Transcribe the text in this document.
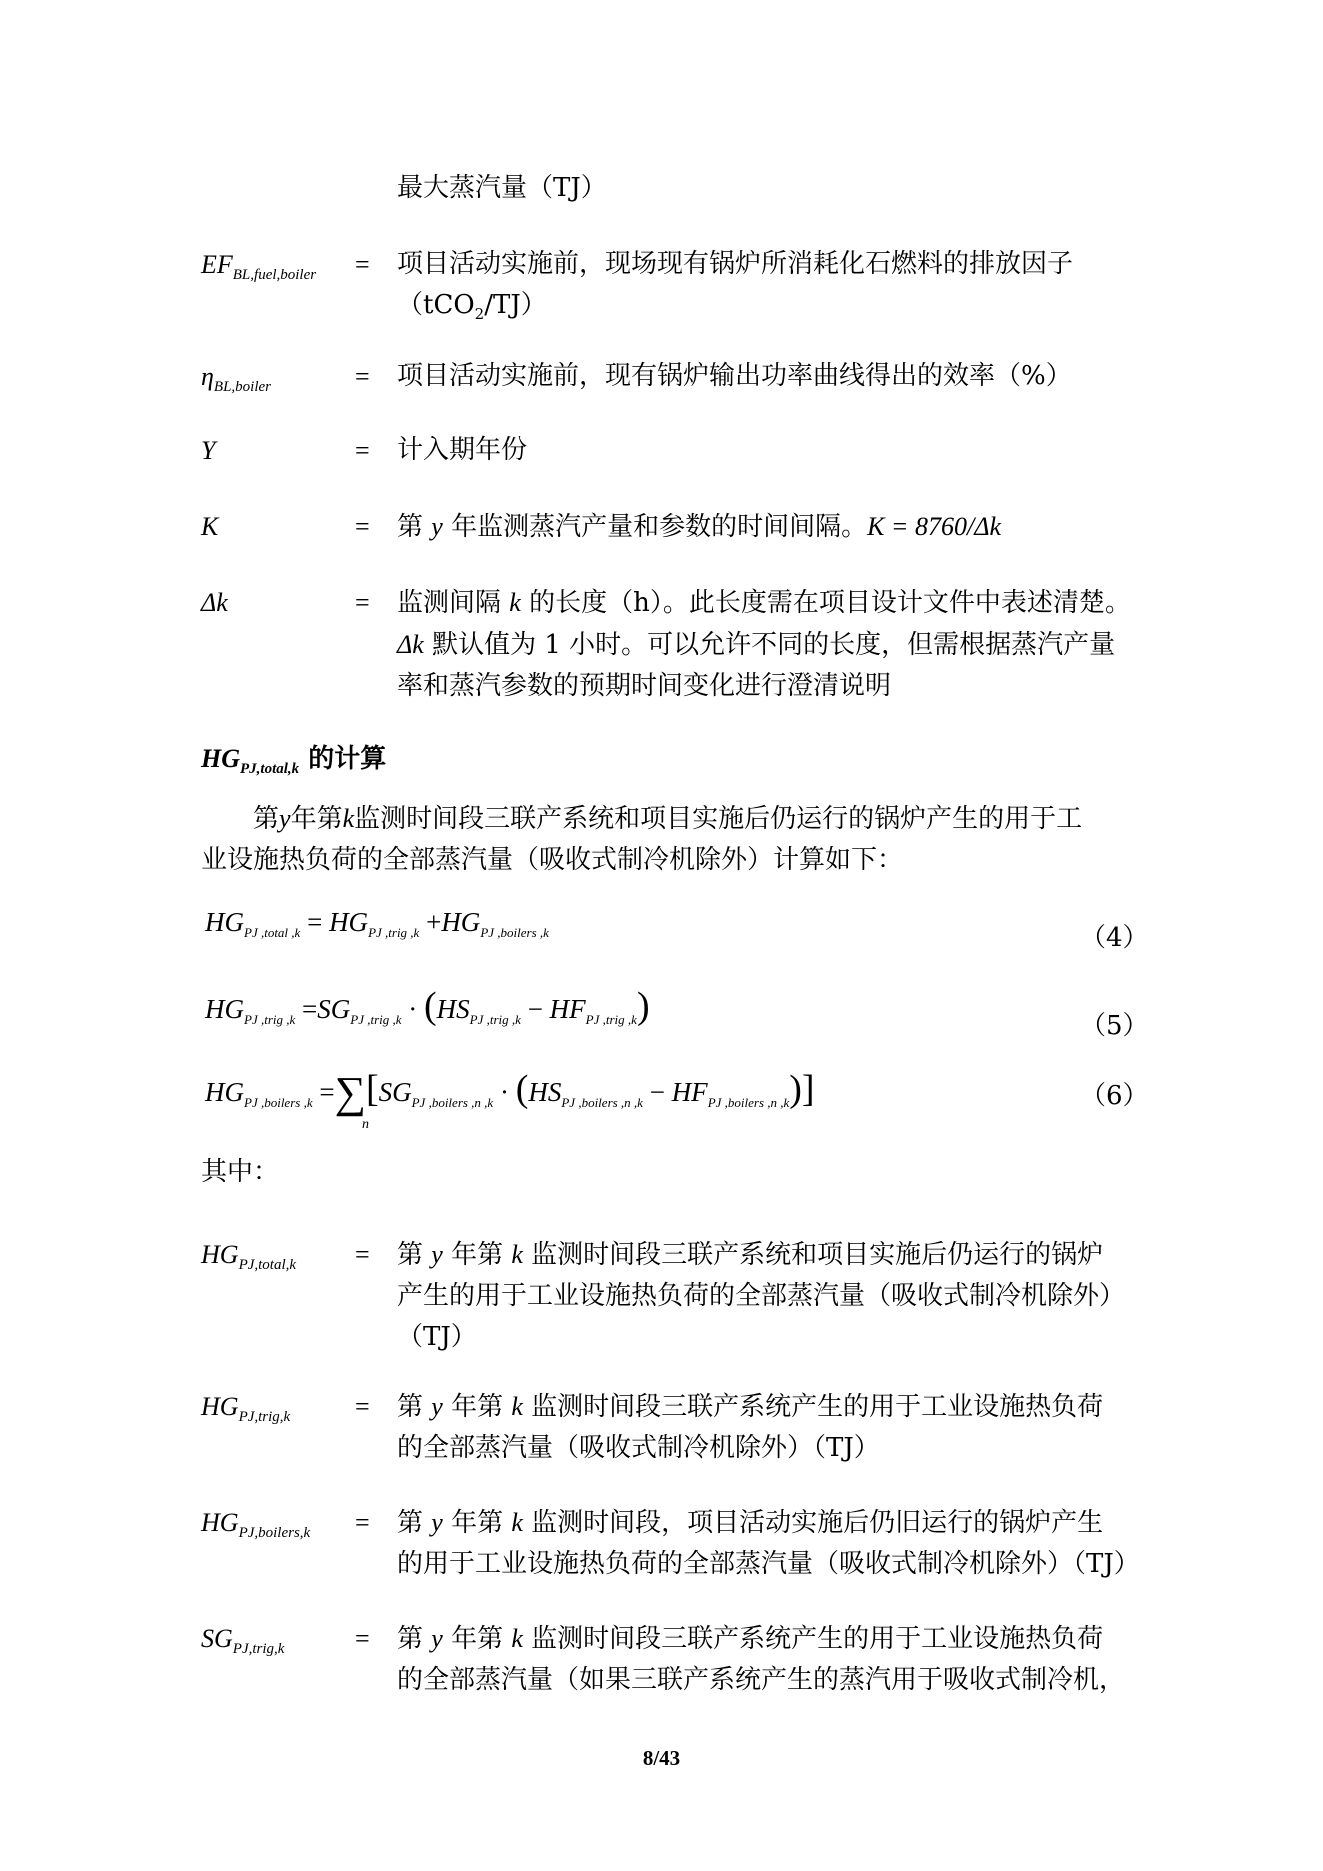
最大蒸汽量（TJ）
$EF_{BL,fuel,boiler}$ = 项目活动实施前，现场现有锅炉所消耗化石燃料的排放因子
（tCO$_2$/TJ）
$\eta_{BL,boiler}$	= 项目活动实施前，现有锅炉输出功率曲线得出的效率（%）
Y	= 计入期年份
K	= 第 y 年监测蒸汽产量和参数的时间间隔。K = 8760/Δk
Δk	= 监测间隔 k 的长度（h）。此长度需在项目设计文件中表述清楚。
Δk 默认值为 1 小时。可以允许不同的长度，但需根据蒸汽产量
率和蒸汽参数的预期时间变化进行澄清说明
$HG_{PJ,total,k}$ 的计算
第y年第k监测时间段三联产系统和项目实施后仍运行的锅炉产生的用于工
业设施热负荷的全部蒸汽量（吸收式制冷机除外）计算如下：
$HG_{PJ ,total ,k} = HG_{PJ ,trig ,k} +HG_{PJ ,boilers ,k}$	（4）
$HG_{PJ ,trig ,k} =SG_{PJ ,trig ,k} \cdot (HS_{PJ ,trig ,k} - HF_{PJ ,trig ,k})$	（5）
$HG_{PJ ,boilers ,k} =\sum[SG_{PJ ,boilers ,n ,k} \cdot (HS_{PJ ,boilers ,n ,k} - HF_{PJ ,boilers ,n ,k})]$
n
（6）
其中：
$HG_{PJ,total,k}$ = 第 y 年第 k 监测时间段三联产系统和项目实施后仍运行的锅炉
产生的用于工业设施热负荷的全部蒸汽量（吸收式制冷机除外）
（TJ）
$HG_{PJ,trig,k}$ = 第 y 年第 k 监测时间段三联产系统产生的用于工业设施热负荷
的全部蒸汽量（吸收式制冷机除外）（TJ）
$HG_{PJ,boilers,k}$ = 第 y 年第 k 监测时间段，项目活动实施后仍旧运行的锅炉产生
的用于工业设施热负荷的全部蒸汽量（吸收式制冷机除外）（TJ）
$SG_{PJ,trig,k}$	= 第 y 年第 k 监测时间段三联产系统产生的用于工业设施热负荷
的全部蒸汽量（如果三联产系统产生的蒸汽用于吸收式制冷机，
8/43
